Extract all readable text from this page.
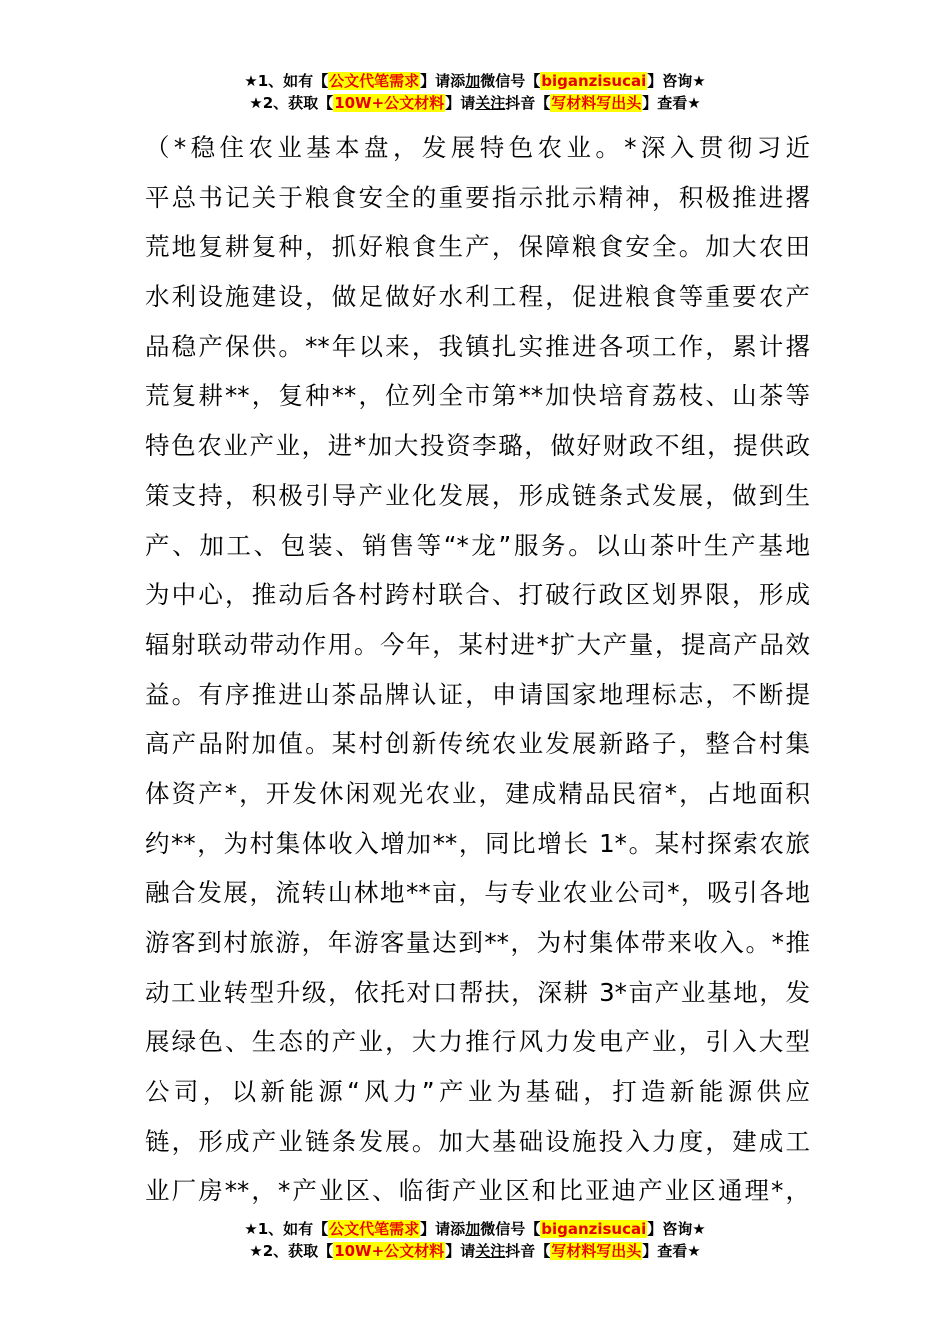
★1、如有【公文代笔需求】请添加微信号【biganzisucai】咨询★
★2、获取【10W+公文材料】请关注抖音【写材料写出头】查看★
（*稳住农业基本盘，发展特色农业。*深入贯彻习近
平总书记关于粮食安全的重要指示批示精神，积极推进撂
荒地复耕复种，抓好粮食生产，保障粮食安全。加大农田
水利设施建设，做足做好水利工程，促进粮食等重要农产
品稳产保供。**年以来，我镇扎实推进各项工作，累计撂
荒复耕**，复种**，位列全市第**加快培育荔枝、山茶等
特色农业产业，进*加大投资李璐，做好财政不组，提供政
策支持，积极引导产业化发展，形成链条式发展，做到生
产、加工、包装、销售等“*龙”服务。以山茶叶生产基地
为中心，推动后各村跨村联合、打破行政区划界限，形成
辐射联动带动作用。今年，某村进*扩大产量，提高产品效
益。有序推进山茶品牌认证，申请国家地理标志，不断提
高产品附加值。某村创新传统农业发展新路子，整合村集
体资产*，开发休闲观光农业，建成精品民宿*，占地面积
约**，为村集体收入增加**，同比增长 1*。某村探索农旅
融合发展，流转山林地**亩，与专业农业公司*，吸引各地
游客到村旅游，年游客量达到**，为村集体带来收入。*推
动工业转型升级，依托对口帮扶，深耕 3*亩产业基地，发
展绿色、生态的产业，大力推行风力发电产业，引入大型
公司，以新能源“风力”产业为基础，打造新能源供应
链，形成产业链条发展。加大基础设施投入力度，建成工
业厂房**，*产业区、临街产业区和比亚迪产业区通理*，
★1、如有【公文代笔需求】请添加微信号【biganzisucai】咨询★
★2、获取【10W+公文材料】请关注抖音【写材料写出头】查看★
